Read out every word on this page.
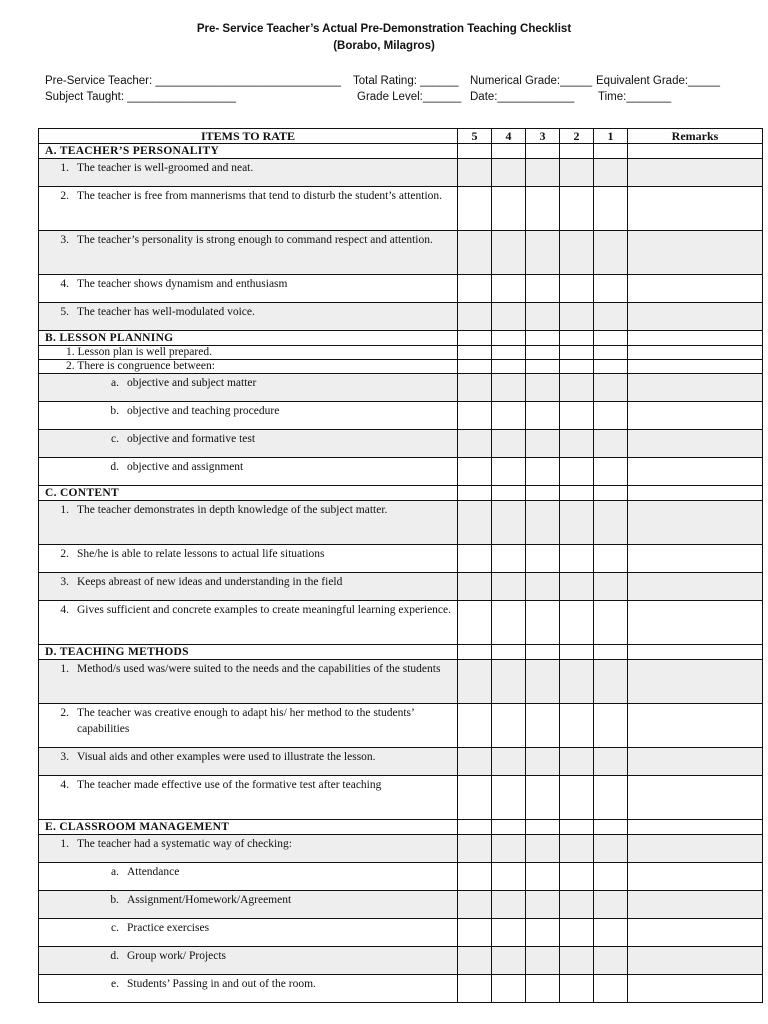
Pre- Service Teacher’s Actual Pre-Demonstration Teaching Checklist
(Borabo, Milagros)
Pre-Service Teacher: _____________________________ Total Rating: ______ Numerical Grade:_____ Equivalent Grade:_____
Subject Taught: _________________	Grade Level:______ Date:____________ Time:_______
ITEMS TO RATE	5	4	3	2	1	Remarks
A. TEACHER’S PERSONALITY						

1. The teacher is well-groomed and neat.						

2. The teacher is free from mannerisms that tend to disturb the student’s attention.						

3. The teacher’s personality is strong enough to command respect and attention.						

4. The teacher shows dynamism and enthusiasm						

5. The teacher has well-modulated voice.						

B. LESSON PLANNING						

1. Lesson plan is well prepared.						

2. There is congruence between:						

a. objective and subject matter						

b. objective and teaching procedure						

c. objective and formative test						

d. objective and assignment						

C. CONTENT						

1. The teacher demonstrates in depth knowledge of the subject matter.						

2. She/he is able to relate lessons to actual life situations						

3. Keeps abreast of new ideas and understanding in the field						

4. Gives sufficient and concrete examples to create meaningful learning experience.						

D. TEACHING METHODS						

1. Method/s used was/were suited to the needs and the capabilities of the students						

2. The teacher was creative enough to adapt his/ her method to the students’ capabilities						

3. Visual aids and other examples were used to illustrate the lesson.						

4. The teacher made effective use of the formative test after teaching						

E. CLASSROOM MANAGEMENT						

1. The teacher had a systematic way of checking:						

a. Attendance						

b. Assignment/Homework/Agreement						

c. Practice exercises						

d. Group work/ Projects						

e. Students’ Passing in and out of the room.						
